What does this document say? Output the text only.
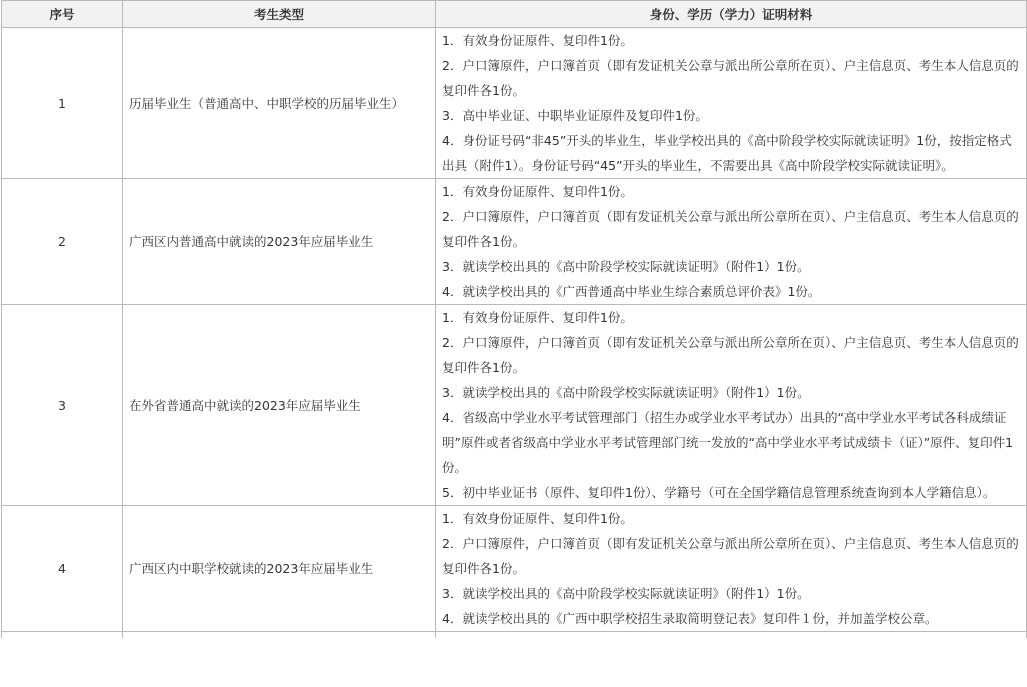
序号	考生类型	身份、学历（学力）证明材料
1	历届毕业生（普通高中、中职学校的历届毕业生）	1．有效身份证原件、复印件1份。
2．户口簿原件，户口簿首页（即有发证机关公章与派出所公章所在页）、户主信息页、考生本人信息页的复印件各1份。
3．高中毕业证、中职毕业证原件及复印件1份。
4．身份证号码“非45”开头的毕业生，毕业学校出具的《高中阶段学校实际就读证明》1份，按指定格式出具（附件1）。身份证号码“45”开头的毕业生，不需要出具《高中阶段学校实际就读证明》。

2	广西区内普通高中就读的2023年应届毕业生	1．有效身份证原件、复印件1份。
2．户口簿原件，户口簿首页（即有发证机关公章与派出所公章所在页）、户主信息页、考生本人信息页的复印件各1份。
3．就读学校出具的《高中阶段学校实际就读证明》（附件1）1份。
4．就读学校出具的《广西普通高中毕业生综合素质总评价表》1份。

3	在外省普通高中就读的2023年应届毕业生	1．有效身份证原件、复印件1份。
2．户口簿原件，户口簿首页（即有发证机关公章与派出所公章所在页）、户主信息页、考生本人信息页的复印件各1份。
3．就读学校出具的《高中阶段学校实际就读证明》（附件1）1份。
4．省级高中学业水平考试管理部门（招生办或学业水平考试办）出具的“高中学业水平考试各科成绩证明”原件或者省级高中学业水平考试管理部门统一发放的“高中学业水平考试成绩卡（证）”原件、复印件1份。
5．初中毕业证书（原件、复印件1份）、学籍号（可在全国学籍信息管理系统查询到本人学籍信息）。

4	广西区内中职学校就读的2023年应届毕业生	1．有效身份证原件、复印件1份。
2．户口簿原件，户口簿首页（即有发证机关公章与派出所公章所在页）、户主信息页、考生本人信息页的复印件各1份。
3．就读学校出具的《高中阶段学校实际就读证明》（附件1）1份。
4．就读学校出具的《广西中职学校招生录取简明登记表》复印件１份，并加盖学校公章。
